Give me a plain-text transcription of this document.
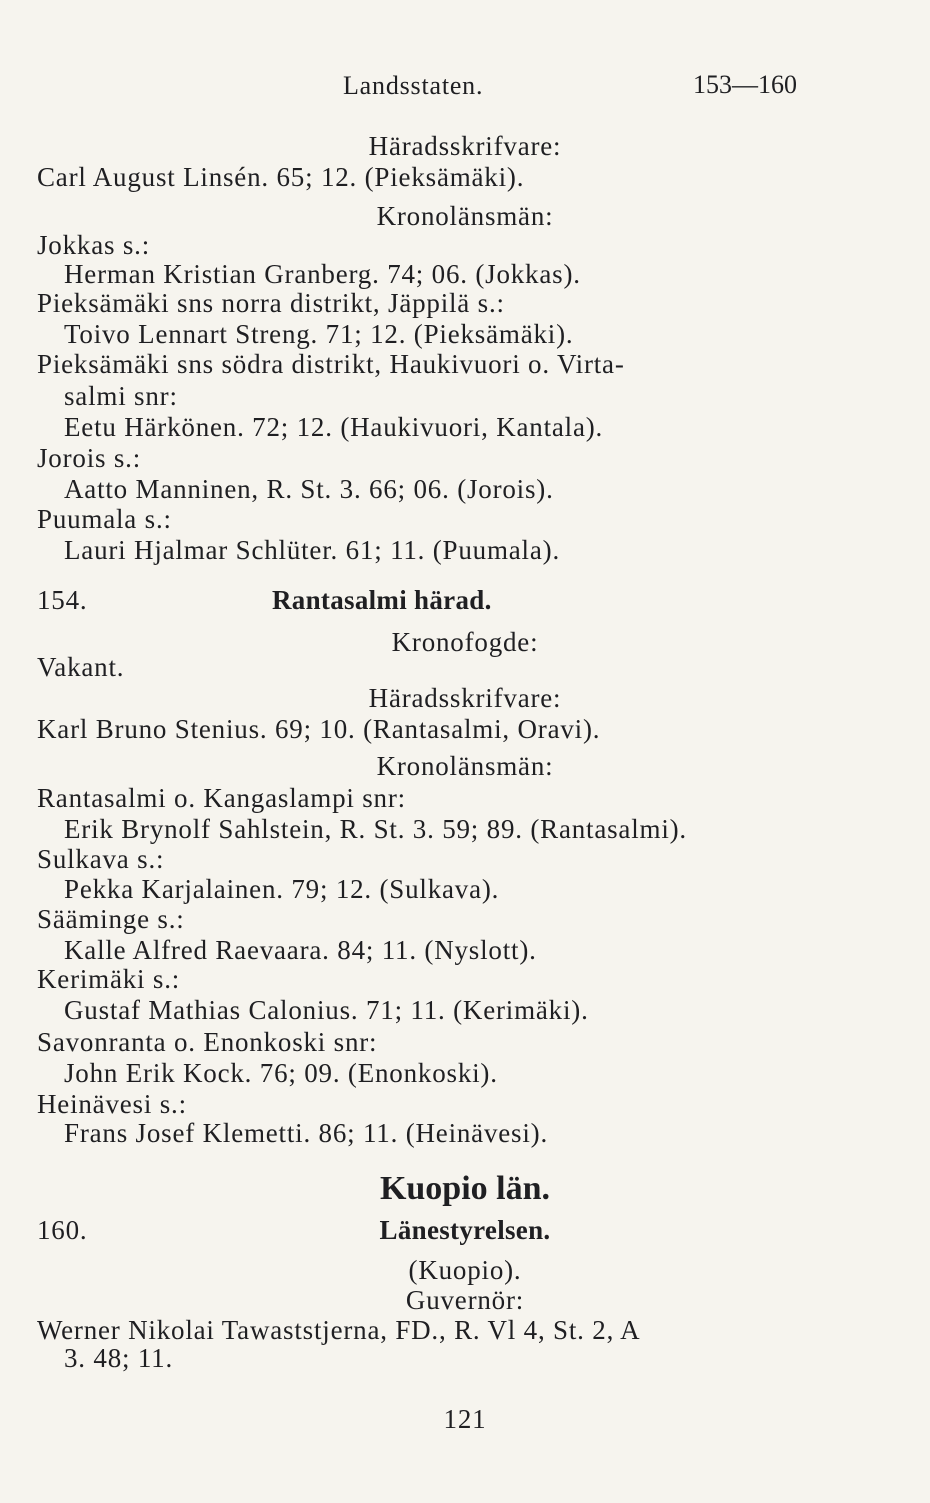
Landsstaten.	153—160
Häradsskrifvare:
Carl August Linsén. 65; 12. (Pieksämäki).
Kronolänsmän:
Jokkas s.:
Herman Kristian Granberg. 74; 06. (Jokkas).
Pieksämäki sns norra distrikt, Jäppilä s.:
Toivo Lennart Streng. 71; 12. (Pieksämäki).
Pieksämäki sns södra distrikt, Haukivuori o. Virta-
salmi snr:
Eetu Härkönen. 72; 12. (Haukivuori, Kantala).
Jorois s.:
Aatto Manninen, R. St. 3. 66; 06. (Jorois).
Puumala s.:
Lauri Hjalmar Schlüter. 61; 11. (Puumala).
154.	Rantasalmi härad.
Kronofogde:
Vakant.
Häradsskrifvare:
Karl Bruno Stenius. 69; 10. (Rantasalmi, Oravi).
Kronolänsmän:
Rantasalmi o. Kangaslampi snr:
Erik Brynolf Sahlstein, R. St. 3. 59; 89. (Rantasalmi).
Sulkava s.:
Pekka Karjalainen. 79; 12. (Sulkava).
Sääminge s.:
Kalle Alfred Raevaara. 84; 11. (Nyslott).
Kerimäki s.:
Gustaf Mathias Calonius. 71; 11. (Kerimäki).
Savonranta o. Enonkoski snr:
John Erik Kock. 76; 09. (Enonkoski).
Heinävesi s.:
Frans Josef Klemetti. 86; 11. (Heinävesi).
Kuopio län.
160.	Länestyrelsen.
(Kuopio).
Guvernör:
Werner Nikolai Tawaststjerna, FD., R. Vl 4, St. 2, A
3. 48; 11.
121
